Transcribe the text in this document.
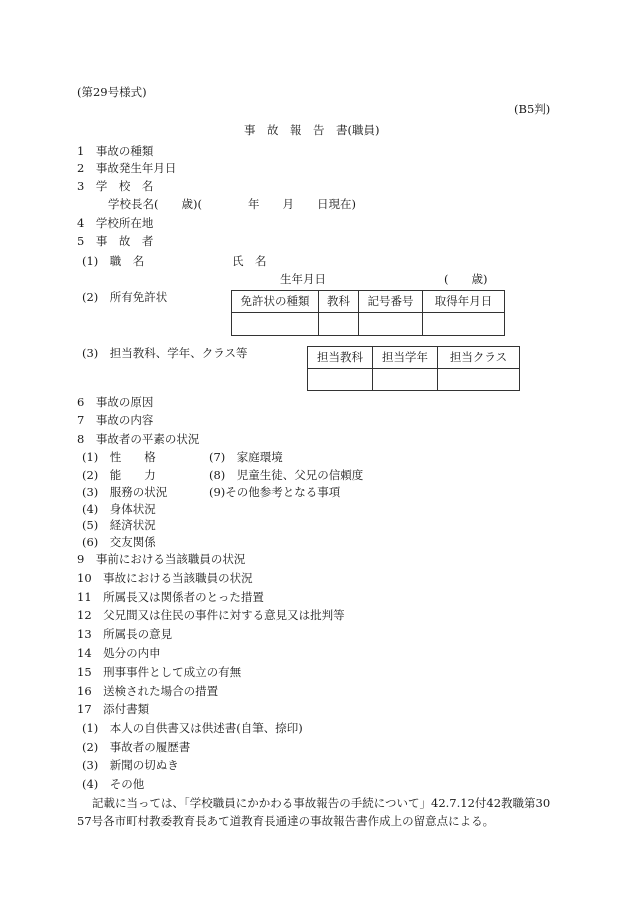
(第29号様式)
(B5判)
事　故　報　告　書(職員)
1　事故の種類
2　事故発生年月日
3　学　校　名
学校長名(　　歳)(　　　　年　　月　　日現在)
4　学校所在地
5　事　故　者
(1)　職　名	氏　名
生年月日	(　　歳)
(2)　所有免許状	免許状の種類	教科	記号番号	取得年月日

(3)　担当教科、学年、クラス等	担当教科	担当学年	担当クラス

6　事故の原因
7　事故の内容
8　事故者の平素の状況
(1)　性　　格
(2)　能　　力
(3)　服務の状況
(4)　身体状況
(5)　経済状況
(6)　交友関係
(7)　家庭環境
(8)　児童生徒、父兄の信頼度
(9)その他参考となる事項
9　事前における当該職員の状況
10　事故における当該職員の状況
11　所属長又は関係者のとった措置
12　父兄間又は住民の事件に対する意見又は批判等
13　所属長の意見
14　処分の内申
15　刑事事件として成立の有無
16　送検された場合の措置
17　添付書類
(1)　本人の自供書又は供述書(自筆、捺印)
(2)　事故者の履歴書
(3)　新聞の切ぬき
(4)　その他
記載に当っては、「学校職員にかかわる事故報告の手続について」42.7.12付42教職第30
57号各市町村教委教育長あて道教育長通達の事故報告書作成上の留意点による。
